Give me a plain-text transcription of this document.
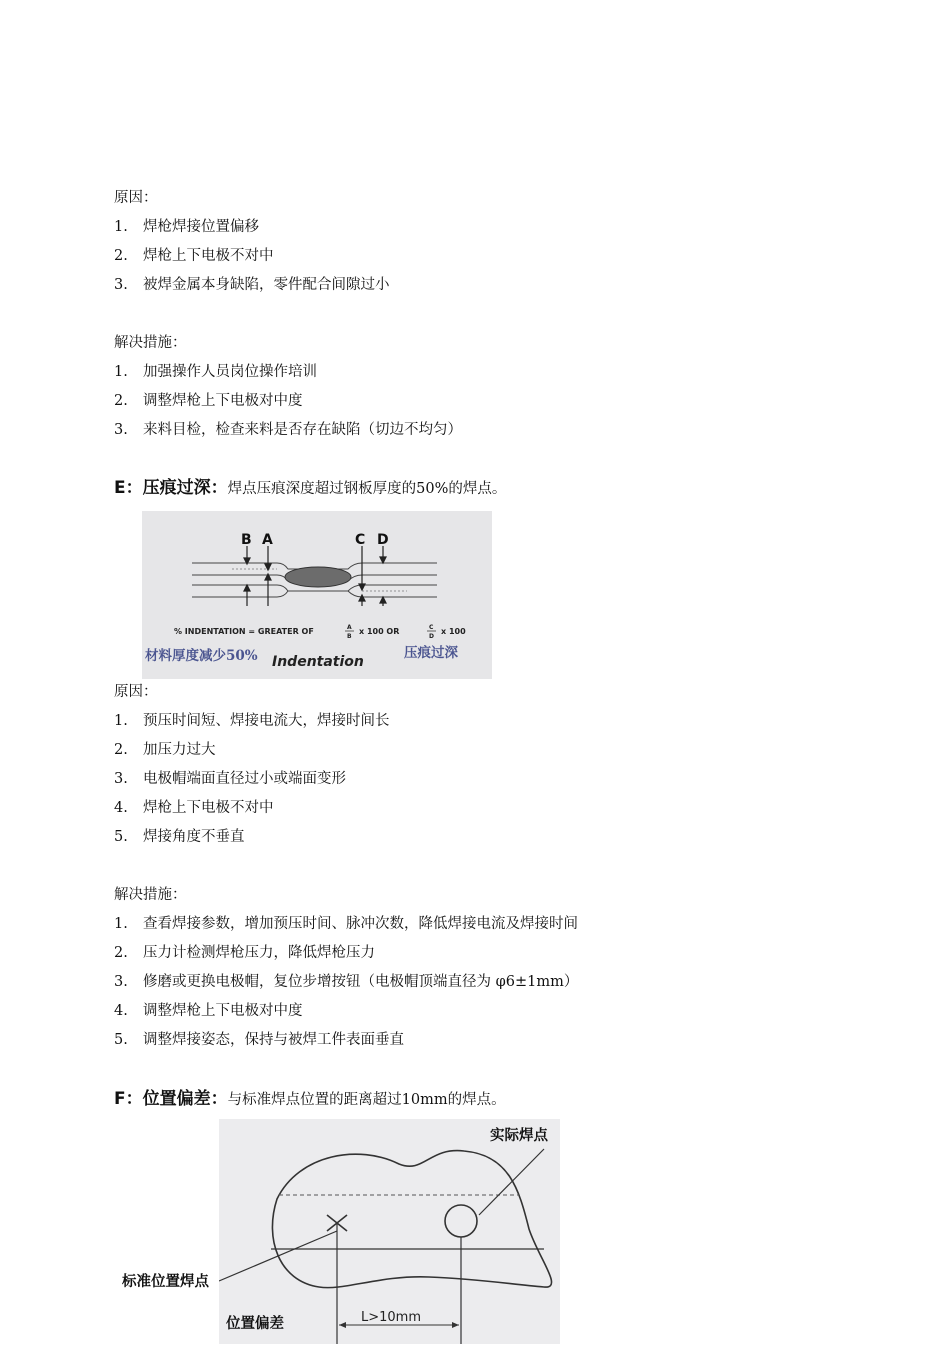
原因：
1. 焊枪焊接位置偏移
2. 焊枪上下电极不对中
3. 被焊金属本身缺陷，零件配合间隙过小
解决措施：
1. 加强操作人员岗位操作培训
2. 调整焊枪上下电极对中度
3. 来料目检，检查来料是否存在缺陷（切边不均匀）
E：压痕过深：焊点压痕深度超过钢板厚度的50%的焊点。
B A	C D
% INDENTATION = GREATER OF	A
B
x 100 OR	C
D
x 100
Indentation
材料厚度减少50%	压痕过深
原因：
1. 预压时间短、焊接电流大，焊接时间长
2. 加压力过大
3. 电极帽端面直径过小或端面变形
4. 焊枪上下电极不对中
5. 焊接角度不垂直
解决措施：
1. 查看焊接参数，增加预压时间、脉冲次数，降低焊接电流及焊接时间
2. 压力计检测焊枪压力，降低焊枪压力
3. 修磨或更换电极帽，复位步增按钮（电极帽顶端直径为 φ6±1mm）
4. 调整焊枪上下电极对中度
5. 调整焊接姿态，保持与被焊工件表面垂直
F：位置偏差：与标准焊点位置的距离超过10mm的焊点。
L>10mm
实际焊点
标准位置焊点
位置偏差
